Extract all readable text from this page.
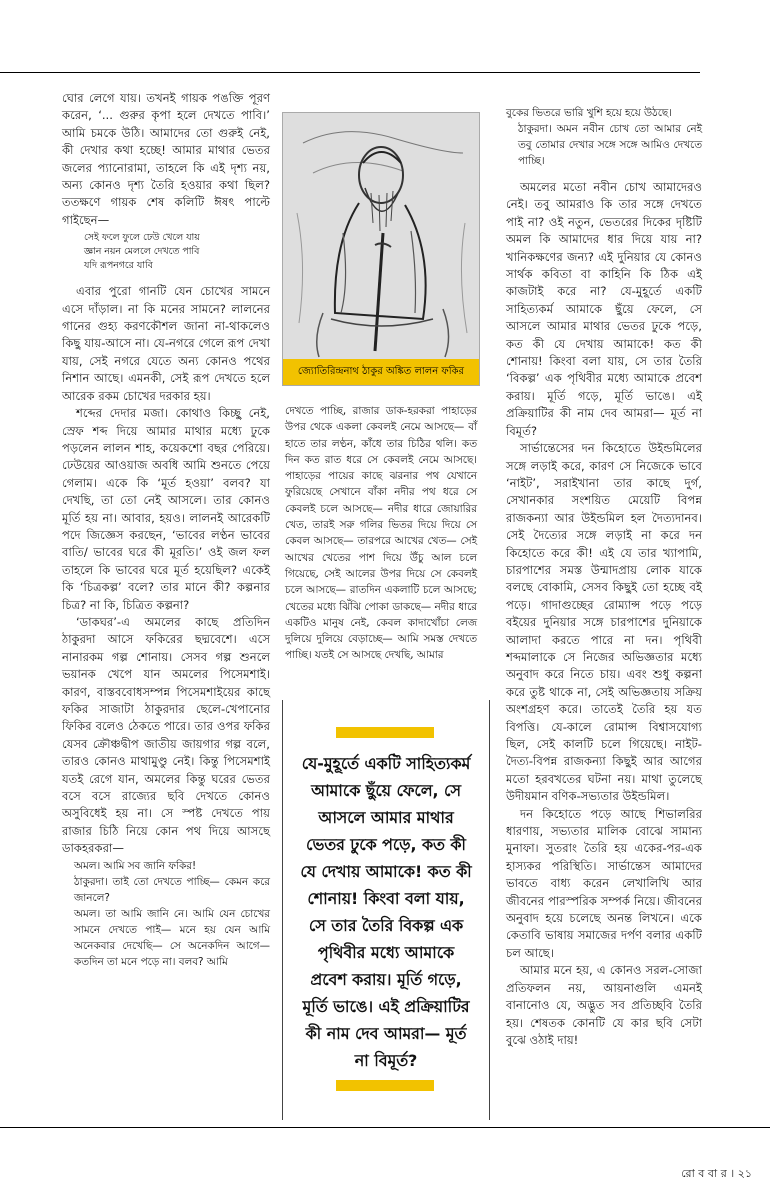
ঘোর লেগে যায়। তখনই গায়ক পঙক্তি পূরণ করেন, ‘... গুরুর কৃপা হলে দেখতে পাবি।’ আমি চমকে উঠি। আমাদের তো গুরুই নেই, কী দেখার কথা হচ্ছে! আমার মাথার ভেতর জলের প্যানোরামা, তাহলে কি এই দৃশ্য নয়, অন্য কোনও দৃশ্য তৈরি হওয়ার কথা ছিল? ততক্ষণে গায়ক শেষ কলিটি ঈষৎ পাল্টে গাইছেন—

সেই ফলে ফুলে ঢেউ খেলে যায়
জ্ঞান নয়ন মেললে দেখতে পাবি
যদি রূপনগরে যাবি

এবার পুরো গানটি যেন চোখের সামনে এসে দাঁড়াল। না কি মনের সামনে? লালনের গানের গুহ্য করণকৌশল জানা না-থাকলেও কিছু যায়-আসে না। যে-নগরে গেলে রূপ দেখা যায়, সেই নগরে যেতে অন্য কোনও পথের নিশান আছে। এমনকী, সেই রূপ দেখতে হলে আরেক রকম চোখের দরকার হয়।

শব্দের দেদার মজা। কোথাও কিচ্ছু নেই, স্রেফ শব্দ দিয়ে আমার মাথার মধ্যে ঢুকে পড়লেন লালন শাহ, কয়েকশো বছর পেরিয়ে। ঢেউয়ের আওয়াজ অবধি আমি শুনতে পেয়ে গেলাম। একে কি ‘মূর্ত হওয়া’ বলব? যা দেখছি, তা তো নেই আসলে। তার কোনও মূর্তি হয় না। আবার, হয়ও। লালনই আরেকটি পদে জিজ্ঞেস করছেন, ‘ভাবের লণ্ঠন ভাবের বাতি/ ভাবের ঘরে কী মূরতি।’ ওই জল ফল তাহলে কি ভাবের ঘরে মূর্ত হয়েছিল? একেই কি ‘চিত্রকল্প’ বলে? তার মানে কী? কল্পনার চিত্র? না কি, চিত্রিত কল্পনা?

‘ডাকঘর’-এ অমলের কাছে প্রতিদিন ঠাকুরদা আসে ফকিরের ছদ্মবেশে। এসে নানারকম গল্প শোনায়। সেসব গল্প শুনলে ভয়ানক খেপে যান অমলের পিসেমশাই। কারণ, বাস্তববোধসম্পন্ন পিসেমশাইয়ের কাছে ফকির সাজাটা ঠাকুরদার ছেলে-খেপানোর ফিকির বলেও ঠেকতে পারে। তার ওপর ফকির যেসব ক্রৌঞ্চদ্বীপ জাতীয় জায়গার গল্প বলে, তারও কোনও মাথামুণ্ডু নেই। কিন্তু পিসেমশাই যতই রেগে যান, অমলের কিন্তু ঘরের ভেতর বসে বসে রাজ্যের ছবি দেখতে কোনও অসুবিধেই হয় না। সে স্পষ্ট দেখতে পায় রাজার চিঠি নিয়ে কোন পথ দিয়ে আসছে ডাকহরকরা—

অমল। আমি সব জানি ফকির!

ঠাকুরদা। তাই তো দেখতে পাচ্ছি— কেমন করে জানলে?

অমল। তা আমি জানি নে। আমি যেন চোখের সামনে দেখতে পাই— মনে হয় যেন আমি অনেকবার দেখেছি— সে অনেকদিন আগে— কতদিন তা মনে পড়ে না। বলব? আমি

জ্যোতিরিন্দ্রনাথ ঠাকুর অঙ্কিত লালন ফকির

দেখতে পাচ্ছি, রাজার ডাক-হরকরা পাহাড়ের উপর থেকে একলা কেবলই নেমে আসছে— বাঁ হাতে তার লণ্ঠন, কাঁধে তার চিঠির থলি। কত দিন কত রাত ধরে সে কেবলই নেমে আসছে। পাহাড়ের পায়ের কাছে ঝরনার পথ যেখানে ফুরিয়েছে সেখানে বাঁকা নদীর পথ ধরে সে কেবলই চলে আসছে— নদীর ধারে জোয়ারির খেত, তারই সরু গলির ভিতর দিয়ে দিয়ে সে কেবল আসছে— তারপরে আখের খেত— সেই আখের খেতের পাশ দিয়ে উঁচু আল চলে গিয়েছে, সেই আলের উপর দিয়ে সে কেবলই চলে আসছে— রাতদিন একলাটি চলে আসছে; খেতের মধ্যে ঝিঁঝি পোকা ডাকছে— নদীর ধারে একটিও মানুষ নেই, কেবল কাদাখোঁচা লেজ দুলিয়ে দুলিয়ে বেড়াচ্ছে— আমি সমস্ত দেখতে পাচ্ছি। যতই সে আসছে দেখছি, আমার

যে-মুহূর্তে একটি সাহিত্যকর্ম আমাকে ছুঁয়ে ফেলে, সে আসলে আমার মাথার ভেতর ঢুকে পড়ে, কত কী যে দেখায় আমাকে! কত কী শোনায়! কিংবা বলা যায়, সে তার তৈরি বিকল্প এক পৃথিবীর মধ্যে আমাকে প্রবেশ করায়। মূর্তি গড়ে, মূর্তি ভাঙে। এই প্রক্রিয়াটির কী নাম দেব আমরা— মূর্ত না বিমূর্ত?

বুকের ভিতরে ভারি খুশি হয়ে হয়ে উঠছে।

ঠাকুরদা। অমন নবীন চোখ তো আমার নেই তবু তোমার দেখার সঙ্গে সঙ্গে আমিও দেখতে পাচ্ছি।

অমলের মতো নবীন চোখ আমাদেরও নেই। তবু আমরাও কি তার সঙ্গে দেখতে পাই না? ওই নতুন, ভেতরের দিকের দৃষ্টিটি অমল কি আমাদের ধার দিয়ে যায় না? খানিকক্ষণের জন্য? এই দুনিয়ার যে কোনও সার্থক কবিতা বা কাহিনি কি ঠিক এই কাজটাই করে না? যে-মুহূর্তে একটি সাহিত্যকর্ম আমাকে ছুঁয়ে ফেলে, সে আসলে আমার মাথার ভেতর ঢুকে পড়ে, কত কী যে দেখায় আমাকে! কত কী শোনায়! কিংবা বলা যায়, সে তার তৈরি ‘বিকল্প’ এক পৃথিবীর মধ্যে আমাকে প্রবেশ করায়। মূর্তি গড়ে, মূর্তি ভাঙে। এই প্রক্রিয়াটির কী নাম দেব আমরা— মূর্ত না বিমূর্ত?

সার্ভান্তেসের দন কিহোতে উইন্ডমিলের সঙ্গে লড়াই করে, কারণ সে নিজেকে ভাবে ‘নাইট’, সরাইখানা তার কাছে দুর্গ, সেখানকার সংশয়িত মেয়েটি বিপন্ন রাজকন্যা আর উইন্ডমিল হল দৈত্যদানব। সেই দৈত্যের সঙ্গে লড়াই না করে দন কিহোতে করে কী! এই যে তার খ্যাপামি, চারপাশের সমস্ত উন্মাদপ্রায় লোক যাকে বলছে বোকামি, সেসব কিছুই তো হচ্ছে বই পড়ে। গাদাগুচ্ছের রোম্যান্স পড়ে পড়ে বইয়ের দুনিয়ার সঙ্গে চারপাশের দুনিয়াকে আলাদা করতে পারে না দন। পৃথিবী শব্দমালাকে সে নিজের অভিজ্ঞতার মধ্যে অনুবাদ করে নিতে চায়। এবং শুধু কল্পনা করে তুষ্ট থাকে না, সেই অভিজ্ঞতায় সক্রিয় অংশগ্রহণ করে। তাতেই তৈরি হয় যত বিপত্তি। যে-কালে রোমান্স বিশ্বাসযোগ্য ছিল, সেই কালটি চলে গিয়েছে। নাইট-দৈত্য-বিপন্ন রাজকন্যা কিছুই আর আগের মতো হরবখতের ঘটনা নয়। মাথা তুলেছে উদীয়মান বণিক-সভ্যতার উইন্ডমিল।

দন কিহোতে পড়ে আছে শিভালরির ধারণায়, সভ্যতার মালিক বোঝে সামান্য মুনাফা। সুতরাং তৈরি হয় একের-পর-এক হাস্যকর পরিস্থিতি। সার্ভান্তেস আমাদের ভাবতে বাধ্য করেন লেখালিখি আর জীবনের পারস্পরিক সম্পর্ক নিয়ে। জীবনের অনুবাদ হয়ে চলেছে অনন্ত লিখনে। একে কেতাবি ভাষায় সমাজের দর্পণ বলার একটি চল আছে।

আমার মনে হয়, এ কোনও সরল-সোজা প্রতিফলন নয়, আয়নাগুলি এমনই বানানোও যে, অদ্ভুত সব প্রতিচ্ছবি তৈরি হয়। শেষতক কোনটি যে কার ছবি সেটা বুঝে ওঠাই দায়!

রো ব বা র । ২১
